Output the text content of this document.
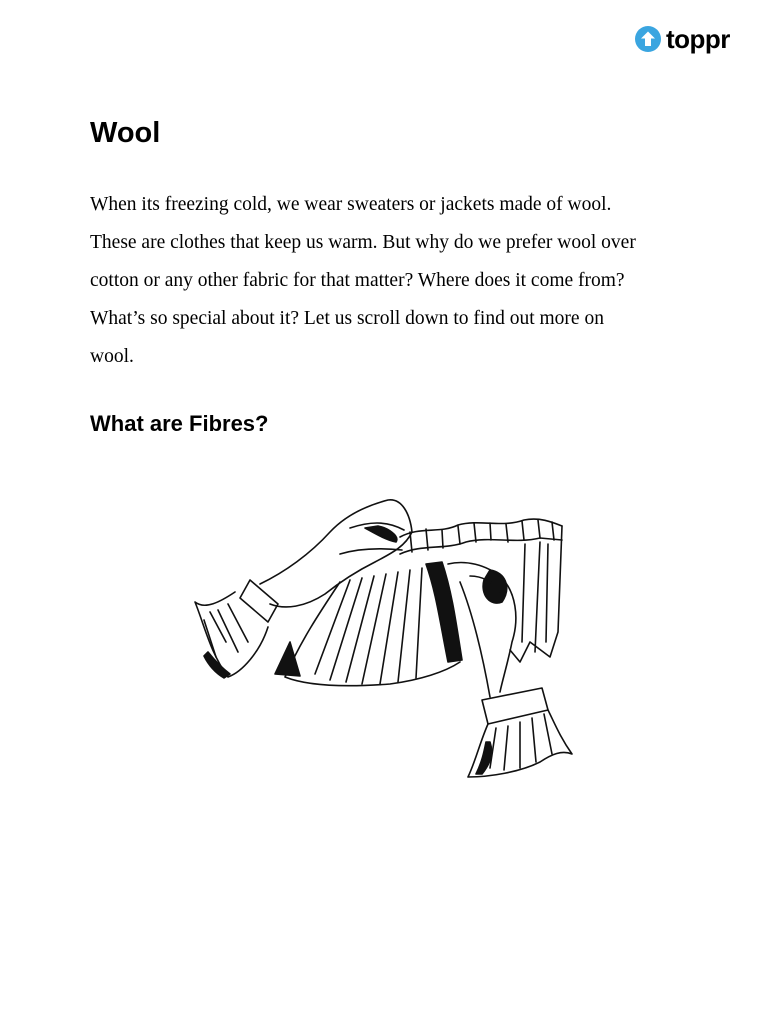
toppr
Wool

When its freezing cold, we wear sweaters or jackets made of wool.
These are clothes that keep us warm. But why do we prefer wool over
cotton or any other fabric for that matter? Where does it come from?
What’s so special about it? Let us scroll down to find out more on
wool.

What are Fibres?
